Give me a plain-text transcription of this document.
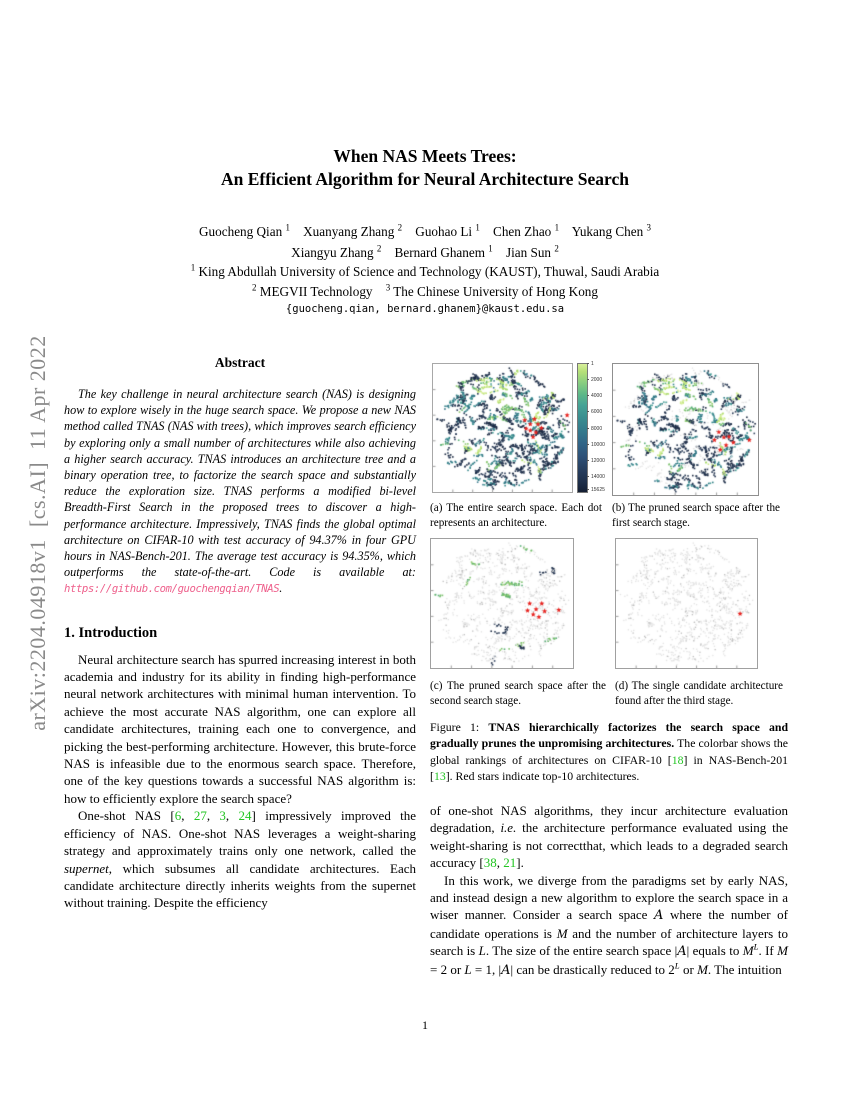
arXiv:2204.04918v1  [cs.AI]  11 Apr 2022
When NAS Meets Trees:
An Efficient Algorithm for Neural Architecture Search
Guocheng Qian $^1$    Xuanyang Zhang $^2$    Guohao Li $^1$    Chen Zhao $^1$    Yukang Chen $^3$
Xiangyu Zhang $^2$    Bernard Ghanem $^1$    Jian Sun $^2$
$^1$ King Abdullah University of Science and Technology (KAUST), Thuwal, Saudi Arabia
$^2$ MEGVII Technology    $^3$ The Chinese University of Hong Kong
{guocheng.qian, bernard.ghanem}@kaust.edu.sa
Abstract

The key challenge in neural architecture search (NAS) is designing how to explore wisely in the huge search space. We propose a new NAS method called TNAS (NAS with trees), which improves search efficiency by exploring only a small number of architectures while also achieving a higher search accuracy. TNAS introduces an architecture tree and a binary operation tree, to factorize the search space and substantially reduce the exploration size. TNAS performs a modified bi-level Breadth-First Search in the proposed trees to discover a high-performance architecture. Impressively, TNAS finds the global optimal architecture on CIFAR-10 with test accuracy of 94.37% in four GPU hours in NAS-Bench-201. The average test accuracy is 94.35%, which outperforms the state-of-the-art. Code is available at: https://github.com/guochengqian/TNAS.

1. Introduction

Neural architecture search has spurred increasing interest in both academia and industry for its ability in finding high-performance neural network architectures with minimal human intervention. To achieve the most accurate NAS algorithm, one can explore all candidate architectures, training each one to convergence, and picking the best-performing architecture. However, this brute-force NAS is infeasible due to the enormous search space. Therefore, one of the key questions towards a successful NAS algorithm is: how to efficiently explore the search space?

One-shot NAS [6, 27, 3, 24] impressively improved the efficiency of NAS. One-shot NAS leverages a weight-sharing strategy and approximately trains only one network, called the supernet, which subsumes all candidate architectures. Each candidate architecture directly inherits weights from the supernet without training. Despite the efficiency

1
2000
4000
6000
8000
10000
12000
14000
15625
(a) The entire search space. Each dot represents an architecture.
(b) The pruned search space after the first search stage.
(c) The pruned search space after the second search stage.
(d) The single candidate architecture found after the third stage.
Figure 1: TNAS hierarchically factorizes the search space and gradually prunes the unpromising architectures. The colorbar shows the global rankings of architectures on CIFAR-10 [18] in NAS-Bench-201 [13]. Red stars indicate top-10 architectures.

of one-shot NAS algorithms, they incur architecture evaluation degradation, i.e. the architecture performance evaluated using the weight-sharing is not correctthat, which leads to a degraded search accuracy [38, 21].

In this work, we diverge from the paradigms set by early NAS, and instead design a new algorithm to explore the search space in a wiser manner. Consider a search space A where the number of candidate operations is M and the number of architecture layers to search is L. The size of the entire search space |A| equals to $M^L$. If M = 2 or L = 1, |A| can be drastically reduced to $2^L$ or M. The intuition

1
